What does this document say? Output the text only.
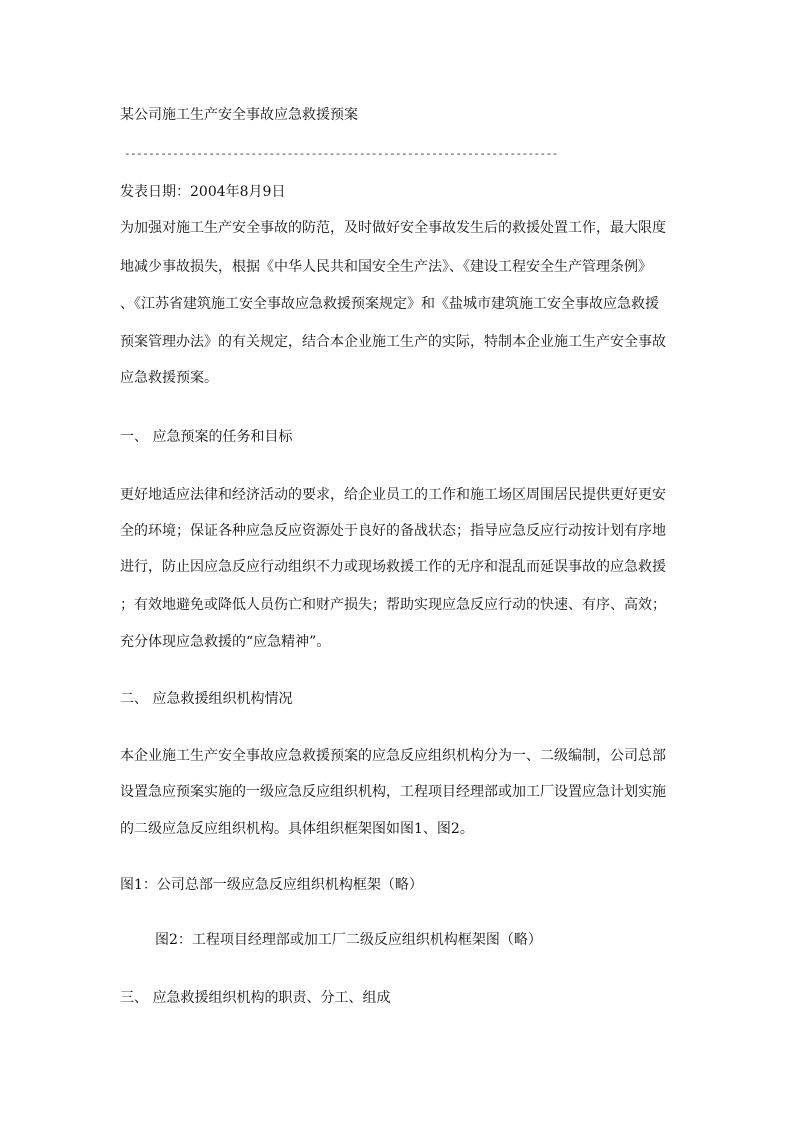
某公司施工生产安全事故应急救援预案
------------------------------------------------------------------------
发表日期：2004年8月9日
为加强对施工生产安全事故的防范，及时做好安全事故发生后的救援处置工作，最大限度
地减少事故损失，根据《中华人民共和国安全生产法》、《建设工程安全生产管理条例》
、《江苏省建筑施工安全事故应急救援预案规定》和《盐城市建筑施工安全事故应急救援
预案管理办法》的有关规定，结合本企业施工生产的实际，特制本企业施工生产安全事故
应急救援预案。
一、 应急预案的任务和目标
更好地适应法律和经济活动的要求，给企业员工的工作和施工场区周围居民提供更好更安
全的环境；保证各种应急反应资源处于良好的备战状态；指导应急反应行动按计划有序地
进行，防止因应急反应行动组织不力或现场救援工作的无序和混乱而延误事故的应急救援
；有效地避免或降低人员伤亡和财产损失；帮助实现应急反应行动的快速、有序、高效；
充分体现应急救援的“应急精神”。
二、 应急救援组织机构情况
本企业施工生产安全事故应急救援预案的应急反应组织机构分为一、二级编制，公司总部
设置急应预案实施的一级应急反应组织机构，工程项目经理部或加工厂设置应急计划实施
的二级应急反应组织机构。具体组织框架图如图1、图2。
图1：公司总部一级应急反应组织机构框架（略）
图2：工程项目经理部或加工厂二级反应组织机构框架图（略）
三、 应急救援组织机构的职责、分工、组成
